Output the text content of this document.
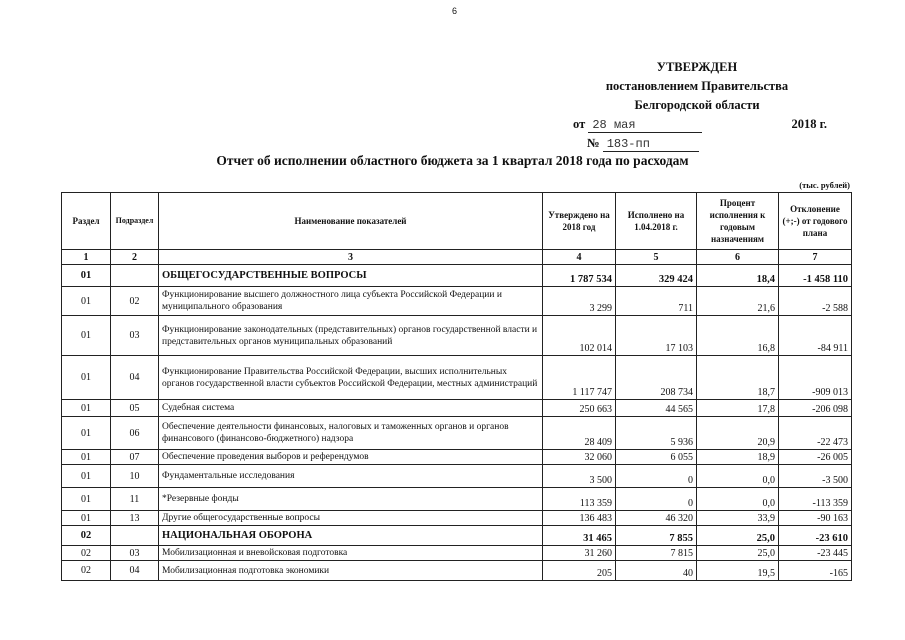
6
УТВЕРЖДЕН
постановлением Правительства
Белгородской области
от 28 мая	2018 г.
№ 183-пп
Отчет об исполнении областного бюджета за 1 квартал 2018 года по расходам
(тыс. рублей)
Раздел	Подраздел	Наименование показателей	Утверждено на 2018 год	Исполнено на 1.04.2018 г.	Процент исполнения к годовым назначениям	Отклонение (+;-) от годового плана
1	2	3	4	5	6	7
01		ОБЩЕГОСУДАРСТВЕННЫЕ ВОПРОСЫ	1 787 534	329 424	18,4	-1 458 110
01	02	Функционирование высшего должностного лица субъекта Российской Федерации и муниципального образования	3 299	711	21,6	-2 588
01	03	Функционирование законодательных (представительных) органов государственной власти и представительных органов муниципальных образований	102 014	17 103	16,8	-84 911
01	04	Функционирование Правительства Российской Федерации, высших исполнительных органов государственной власти субъектов Российской Федерации, местных администраций	1 117 747	208 734	18,7	-909 013
01	05	Судебная система	250 663	44 565	17,8	-206 098
01	06	Обеспечение деятельности финансовых, налоговых и таможенных органов и органов финансового (финансово-бюджетного) надзора	28 409	5 936	20,9	-22 473
01	07	Обеспечение проведения выборов и референдумов	32 060	6 055	18,9	-26 005
01	10	Фундаментальные исследования	3 500	0	0,0	-3 500
01	11	*Резервные фонды	113 359	0	0,0	-113 359
01	13	Другие общегосударственные вопросы	136 483	46 320	33,9	-90 163
02		НАЦИОНАЛЬНАЯ ОБОРОНА	31 465	7 855	25,0	-23 610
02	03	Мобилизационная и вневойсковая подготовка	31 260	7 815	25,0	-23 445
02	04	Мобилизационная подготовка экономики	205	40	19,5	-165
